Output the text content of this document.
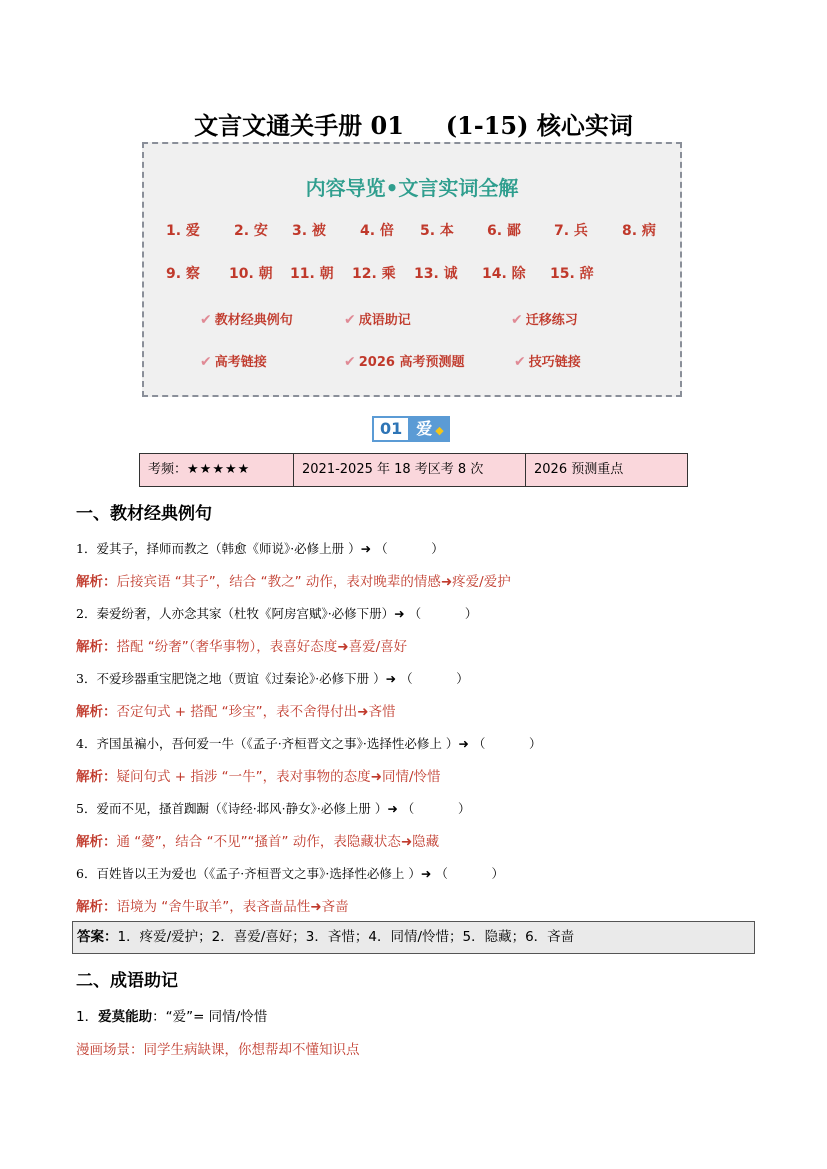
文言文通关手册 01     (1-15) 核心实词
内容导览•文言实词全解
1. 爱 2. 安 3. 被 4. 倍 5. 本 6. 鄙 7. 兵 8. 病
9. 察 10. 朝 11. 朝 12. 乘 13. 诚 14. 除 15. 辞
✔ 教材经典例句	✔ 成语助记	✔ 迁移练习
✔ 高考链接	✔ 2026 高考预测题	✔ 技巧链接
01 爱 ◆
考频：★★★★★	2021-2025 年 18 考区考 8 次	2026 预测重点
一、教材经典例句
1．爱其子，择师而教之（韩愈《师说》·必修上册 ）➜ （           ）
解析：后接宾语 “其子”，结合 “教之” 动作，表对晚辈的情感➜疼爱/爱护
2．秦爱纷奢，人亦念其家（杜牧《阿房宫赋》·必修下册）➜ （           ）
解析：搭配 “纷奢”（奢华事物），表喜好态度➜喜爱/喜好
3．不爱珍器重宝肥饶之地（贾谊《过秦论》·必修下册 ）➜ （           ）
解析：否定句式 + 搭配 “珍宝”，表不舍得付出➜吝惜
4．齐国虽褊小，吾何爱一牛（《孟子·齐桓晋文之事》·选择性必修上 ）➜ （           ）
解析：疑问句式 + 指涉 “一牛”，表对事物的态度➜同情/怜惜
5．爱而不见，搔首踟蹰（《诗经·邶风·静女》·必修上册 ）➜ （           ）
解析：通 “薆”，结合 “不见”“搔首” 动作，表隐藏状态➜隐藏
6．百姓皆以王为爱也（《孟子·齐桓晋文之事》·选择性必修上 ）➜ （           ）
解析：语境为 “舍牛取羊”，表吝啬品性➜吝啬
答案：1．疼爱/爱护；2．喜爱/喜好；3．吝惜；4．同情/怜惜；5．隐藏；6．吝啬
二、成语助记
1．爱莫能助：“爱”= 同情/怜惜
漫画场景：同学生病缺课，你想帮却不懂知识点
